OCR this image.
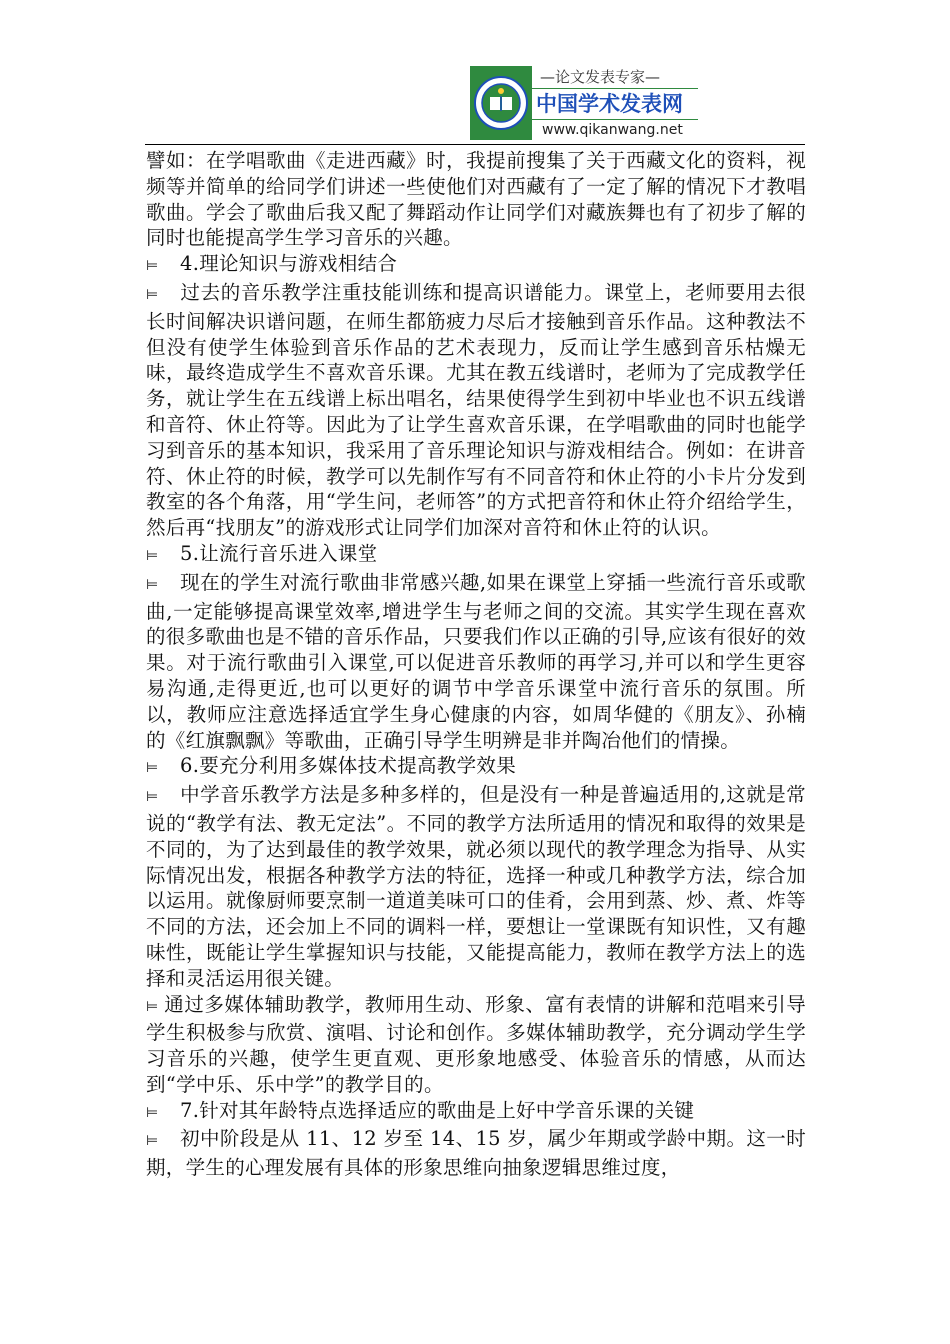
—论文发表专家—
中国学术发表网
www.qikanwang.net

譬如：在学唱歌曲《走进西藏》时，我提前搜集了关于西藏文化的资料，视频等并简单的给同学们讲述一些使他们对西藏有了一定了解的情况下才教唱歌曲。学会了歌曲后我又配了舞蹈动作让同学们对藏族舞也有了初步了解的同时也能提高学生学习音乐的兴趣。

⊨ 4.理论知识与游戏相结合

⊨ 过去的音乐教学注重技能训练和提高识谱能力。课堂上，老师要用去很长时间解决识谱问题，在师生都筋疲力尽后才接触到音乐作品。这种教法不但没有使学生体验到音乐作品的艺术表现力，反而让学生感到音乐枯燥无味，最终造成学生不喜欢音乐课。尤其在教五线谱时，老师为了完成教学任务，就让学生在五线谱上标出唱名，结果使得学生到初中毕业也不识五线谱和音符、休止符等。因此为了让学生喜欢音乐课，在学唱歌曲的同时也能学习到音乐的基本知识，我采用了音乐理论知识与游戏相结合。例如：在讲音符、休止符的时候，教学可以先制作写有不同音符和休止符的小卡片分发到教室的各个角落，用“学生问，老师答”的方式把音符和休止符介绍给学生，然后再“找朋友”的游戏形式让同学们加深对音符和休止符的认识。

⊨ 5.让流行音乐进入课堂

⊨ 现在的学生对流行歌曲非常感兴趣,如果在课堂上穿插一些流行音乐或歌曲,一定能够提高课堂效率,增进学生与老师之间的交流。其实学生现在喜欢的很多歌曲也是不错的音乐作品，只要我们作以正确的引导,应该有很好的效果。对于流行歌曲引入课堂,可以促进音乐教师的再学习,并可以和学生更容易沟通,走得更近,也可以更好的调节中学音乐课堂中流行音乐的氛围。所以，教师应注意选择适宜学生身心健康的内容，如周华健的《朋友》、孙楠的《红旗飘飘》等歌曲，正确引导学生明辨是非并陶冶他们的情操。

⊨ 6.要充分利用多媒体技术提高教学效果

⊨ 中学音乐教学方法是多种多样的，但是没有一种是普遍适用的,这就是常说的“教学有法、教无定法”。不同的教学方法所适用的情况和取得的效果是不同的，为了达到最佳的教学效果，就必须以现代的教学理念为指导、从实际情况出发，根据各种教学方法的特征，选择一种或几种教学方法，综合加以运用。就像厨师要烹制一道道美味可口的佳肴，会用到蒸、炒、煮、炸等不同的方法，还会加上不同的调料一样，要想让一堂课既有知识性，又有趣味性，既能让学生掌握知识与技能，又能提高能力，教师在教学方法上的选择和灵活运用很关键。

⊨ 通过多媒体辅助教学，教师用生动、形象、富有表情的讲解和范唱来引导学生积极参与欣赏、演唱、讨论和创作。多媒体辅助教学，充分调动学生学习音乐的兴趣，使学生更直观、更形象地感受、体验音乐的情感，从而达到“学中乐、乐中学”的教学目的。

⊨ 7.针对其年龄特点选择适应的歌曲是上好中学音乐课的关键

⊨ 初中阶段是从 11、12 岁至 14、15 岁，属少年期或学龄中期。这一时期，学生的心理发展有具体的形象思维向抽象逻辑思维过度，
